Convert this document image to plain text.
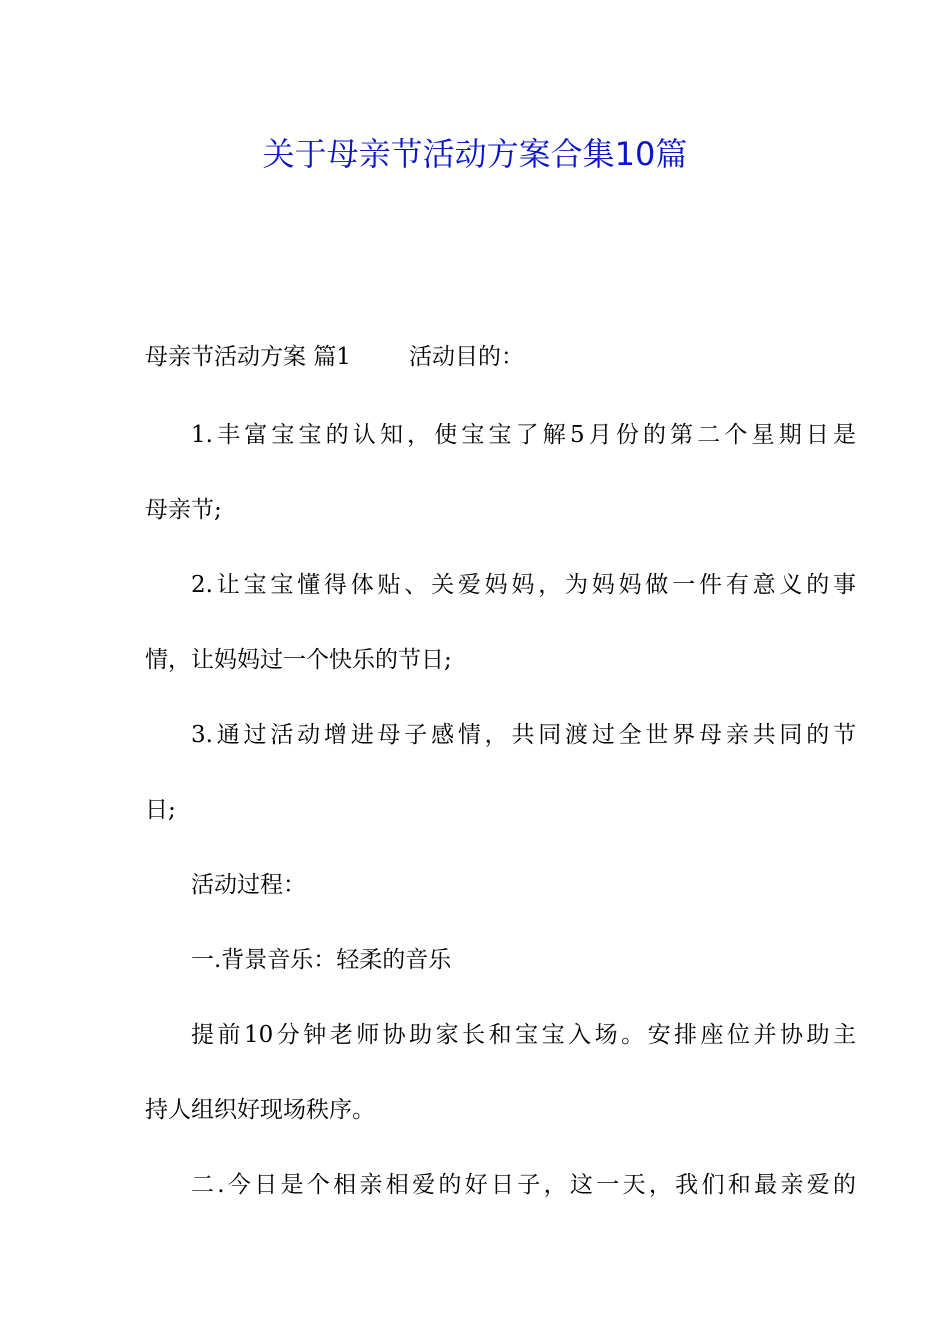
关于母亲节活动方案合集10篇

母亲节活动方案 篇1	活动目的：

1.丰富宝宝的认知，使宝宝了解5月份的第二个星期日是

母亲节;

2.让宝宝懂得体贴、关爱妈妈，为妈妈做一件有意义的事

情，让妈妈过一个快乐的节日;

3.通过活动增进母子感情，共同渡过全世界母亲共同的节

日;

活动过程：

一.背景音乐：轻柔的音乐

提前10分钟老师协助家长和宝宝入场。安排座位并协助主

持人组织好现场秩序。

二.今日是个相亲相爱的好日子，这一天，我们和最亲爱的
